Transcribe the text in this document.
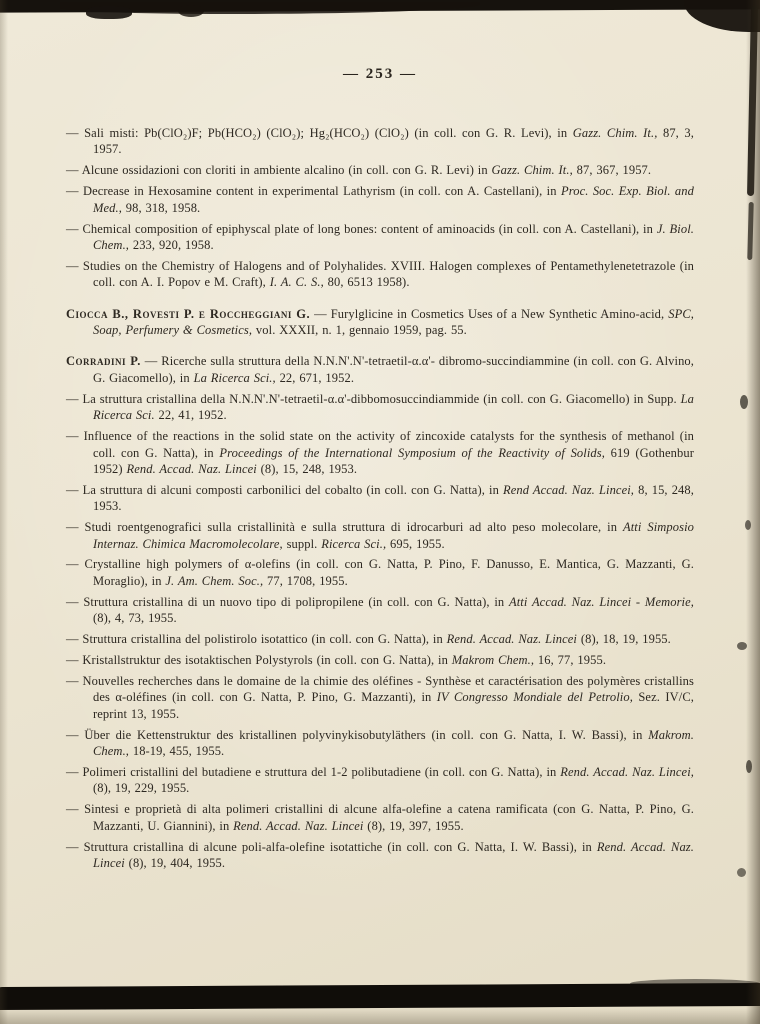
— 253 —

— Sali misti: Pb(ClO₂)F; Pb(HCO₂) (ClO₂); Hg₂(HCO₂) (ClO₂) (in coll. con G. R. Levi), in Gazz. Chim. It., 87, 3, 1957.

— Alcune ossidazioni con cloriti in ambiente alcalino (in coll. con G. R. Levi) in Gazz. Chim. It., 87, 367, 1957.

— Decrease in Hexosamine content in experimental Lathyrism (in coll. con A. Castellani), in Proc. Soc. Exp. Biol. and Med., 98, 318, 1958.

— Chemical composition of epiphyscal plate of long bones: content of aminoacids (in coll. con A. Castellani), in J. Biol. Chem., 233, 920, 1958.

— Studies on the Chemistry of Halogens and of Polyhalides. XVIII. Halogen complexes of Pentamethylenetetrazole (in coll. con A. I. Popov e M. Craft), I. A. C. S., 80, 6513 1958).

Ciocca B., Rovesti P. e Roccheggiani G. — Furylglicine in Cosmetics Uses of a New Synthetic Amino-acid, SPC, Soap, Perfumery & Cosmetics, vol. XXXII, n. 1, gennaio 1959, pag. 55.

Corradini P. — Ricerche sulla struttura della N.N.N'.N'-tetraetil-α.α'- dibromo-succindiammine (in coll. con G. Alvino, G. Giacomello), in La Ricerca Sci., 22, 671, 1952.

— La struttura cristallina della N.N.N'.N'-tetraetil-α.α'-dibbomosuccindiammide (in coll. con G. Giacomello) in Supp. La Ricerca Sci. 22, 41, 1952.

— Influence of the reactions in the solid state on the activity of zincoxide catalysts for the synthesis of methanol (in coll. con G. Natta), in Proceedings of the International Symposium of the Reactivity of Solids, 619 (Gothenbur 1952) Rend. Accad. Naz. Lincei (8), 15, 248, 1953.

— La struttura di alcuni composti carbonilici del cobalto (in coll. con G. Natta), in Rend Accad. Naz. Lincei, 8, 15, 248, 1953.

— Studi roentgenografici sulla cristallinità e sulla struttura di idrocarburi ad alto peso molecolare, in Atti Simposio Internaz. Chimica Macromolecolare, suppl. Ricerca Sci., 695, 1955.

— Crystalline high polymers of α-olefins (in coll. con G. Natta, P. Pino, F. Danusso, E. Mantica, G. Mazzanti, G. Moraglio), in J. Am. Chem. Soc., 77, 1708, 1955.

— Struttura cristallina di un nuovo tipo di polipropilene (in coll. con G. Natta), in Atti Accad. Naz. Lincei - Memorie, (8), 4, 73, 1955.

— Struttura cristallina del polistirolo isotattico (in coll. con G. Natta), in Rend. Accad. Naz. Lincei (8), 18, 19, 1955.

— Kristallstruktur des isotaktischen Polystyrols (in coll. con G. Natta), in Makrom Chem., 16, 77, 1955.

— Nouvelles recherches dans le domaine de la chimie des oléfines - Synthèse et caractérisation des polymères cristallins des α-oléfines (in coll. con G. Natta, P. Pino, G. Mazzanti), in IV Congresso Mondiale del Petrolio, Sez. IV/C, reprint 13, 1955.

— Über die Kettenstruktur des kristallinen polyvinykisobutyläthers (in coll. con G. Natta, I. W. Bassi), in Makrom. Chem., 18-19, 455, 1955.

— Polimeri cristallini del butadiene e struttura del 1-2 polibutadiene (in coll. con G. Natta), in Rend. Accad. Naz. Lincei, (8), 19, 229, 1955.

— Sintesi e proprietà di alta polimeri cristallini di alcune alfa-olefine a catena ramificata (con G. Natta, P. Pino, G. Mazzanti, U. Giannini), in Rend. Accad. Naz. Lincei (8), 19, 397, 1955.

— Struttura cristallina di alcune poli-alfa-olefine isotattiche (in coll. con G. Natta, I. W. Bassi), in Rend. Accad. Naz. Lincei (8), 19, 404, 1955.
